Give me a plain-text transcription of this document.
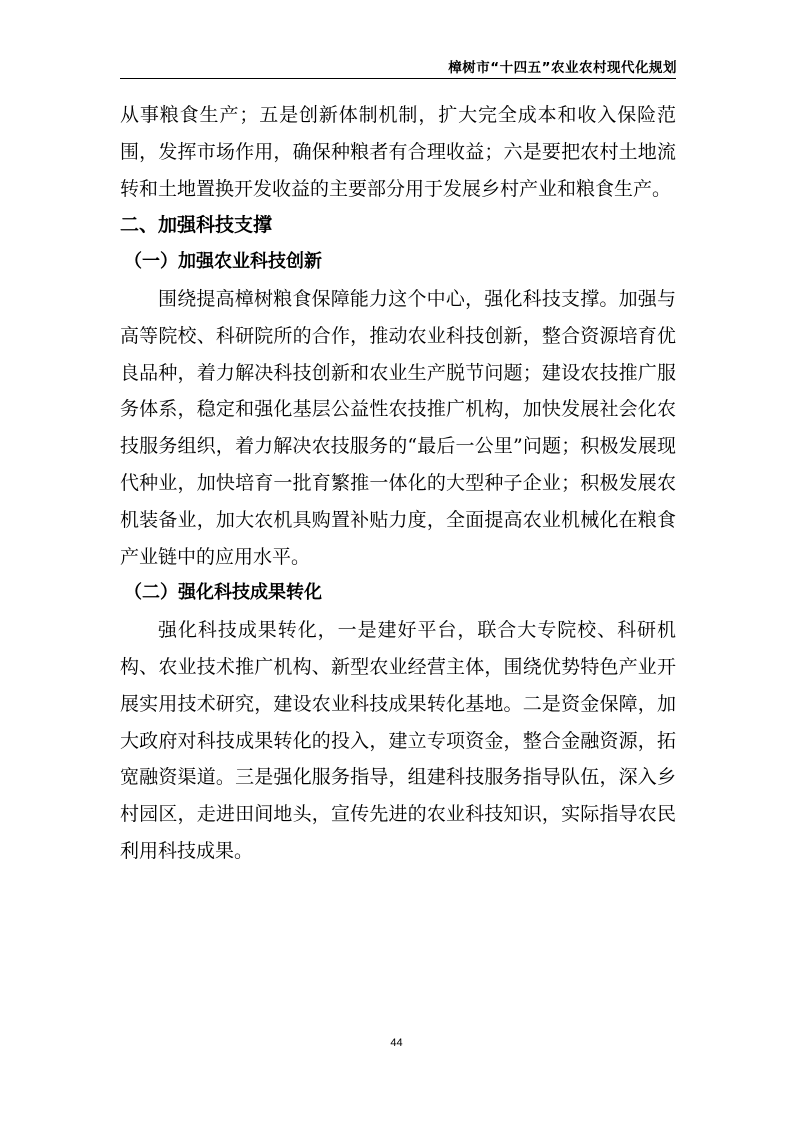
樟树市“十四五”农业农村现代化规划

从事粮食生产；五是创新体制机制，扩大完全成本和收入保险范围，发挥市场作用，确保种粮者有合理收益；六是要把农村土地流转和土地置换开发收益的主要部分用于发展乡村产业和粮食生产。

二、加强科技支撑
（一）加强农业科技创新

围绕提高樟树粮食保障能力这个中心，强化科技支撑。加强与高等院校、科研院所的合作，推动农业科技创新，整合资源培育优良品种，着力解决科技创新和农业生产脱节问题；建设农技推广服务体系，稳定和强化基层公益性农技推广机构，加快发展社会化农技服务组织，着力解决农技服务的“最后一公里”问题；积极发展现代种业，加快培育一批育繁推一体化的大型种子企业；积极发展农机装备业，加大农机具购置补贴力度，全面提高农业机械化在粮食产业链中的应用水平。

（二）强化科技成果转化

强化科技成果转化，一是建好平台，联合大专院校、科研机构、农业技术推广机构、新型农业经营主体，围绕优势特色产业开展实用技术研究，建设农业科技成果转化基地。二是资金保障，加大政府对科技成果转化的投入，建立专项资金，整合金融资源，拓宽融资渠道。三是强化服务指导，组建科技服务指导队伍，深入乡村园区，走进田间地头，宣传先进的农业科技知识，实际指导农民利用科技成果。

44
